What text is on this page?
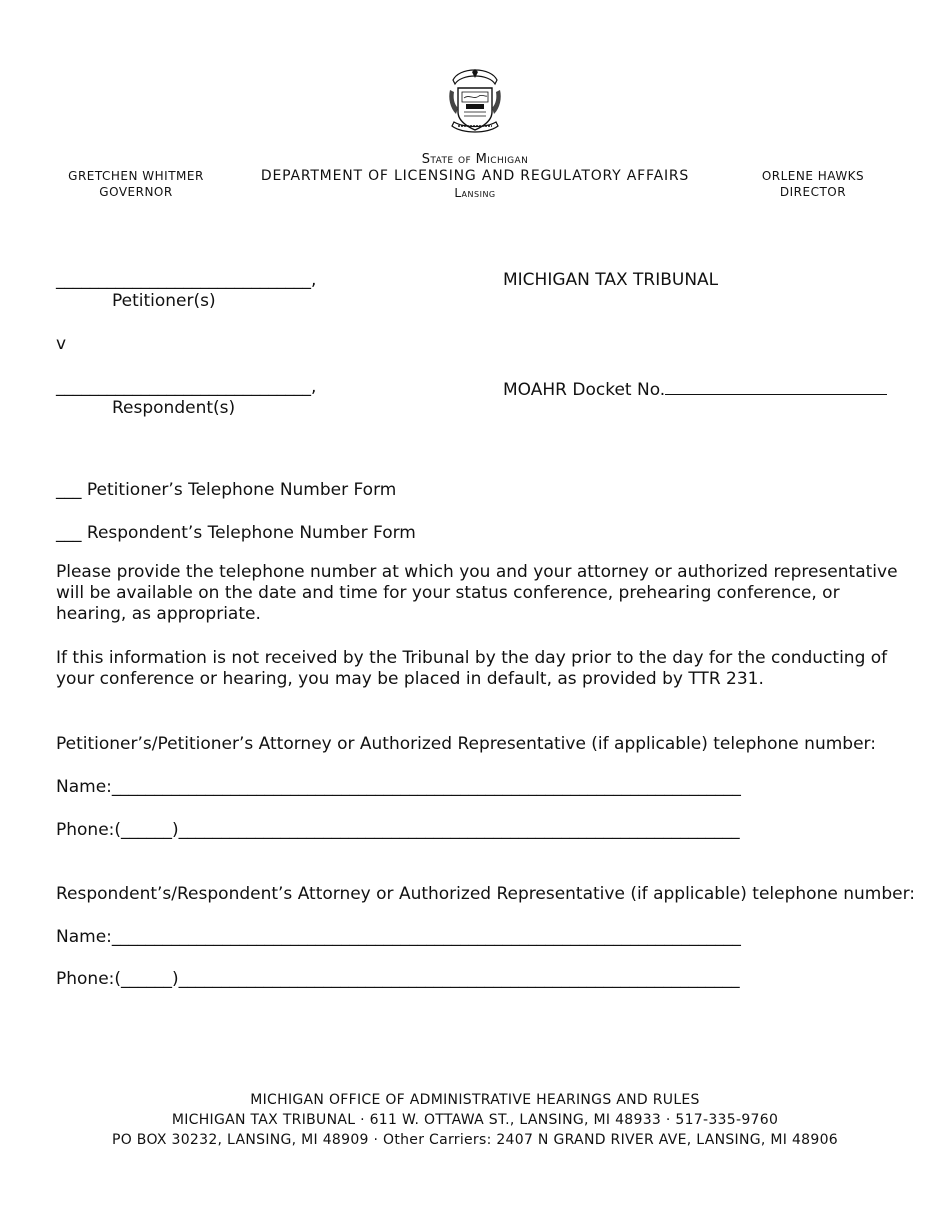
GRETCHEN WHITMER
GOVERNOR
State of Michigan
DEPARTMENT OF LICENSING AND REGULATORY AFFAIRS
Lansing
ORLENE HAWKS
DIRECTOR
______________________________,
Petitioner(s)
v
______________________________,
Respondent(s)
MICHIGAN TAX TRIBUNAL
MOAHR Docket No.
___ Petitioner’s Telephone Number Form
___ Respondent’s Telephone Number Form
Please provide the telephone number at which you and your attorney or authorized representative will be available on the date and time for your status conference, prehearing conference, or hearing, as appropriate.
If this information is not received by the Tribunal by the day prior to the day for the conducting of your conference or hearing, you may be placed in default, as provided by TTR 231.
Petitioner’s/Petitioner’s Attorney or Authorized Representative (if applicable) telephone number:
Name:__________________________________________________________________________
Phone:(______)__________________________________________________________________
Respondent’s/Respondent’s Attorney or Authorized Representative (if applicable) telephone number:
Name:__________________________________________________________________________
Phone:(______)__________________________________________________________________
MICHIGAN OFFICE OF ADMINISTRATIVE HEARINGS AND RULES
MICHIGAN TAX TRIBUNAL · 611 W. OTTAWA ST., LANSING, MI 48933 · 517-335-9760
PO BOX 30232, LANSING, MI 48909 · Other Carriers: 2407 N GRAND RIVER AVE, LANSING, MI 48906
